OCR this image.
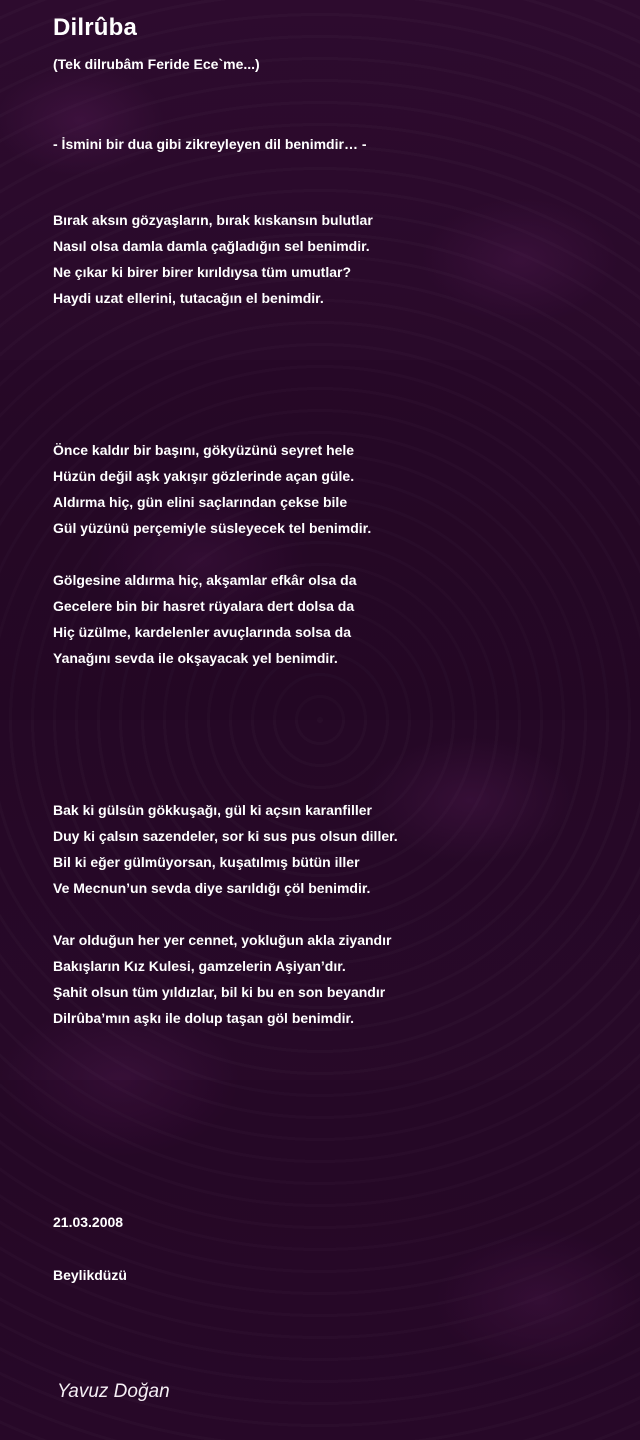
Dilrûba

(Tek dilrubâm Feride Ece`me...)

- İsmini bir dua gibi zikreyleyen dil benimdir… -

Bırak aksın gözyaşların, bırak kıskansın bulutlar
Nasıl olsa damla damla çağladığın sel benimdir.
Ne çıkar ki birer birer kırıldıysa tüm umutlar?
Haydi uzat ellerini, tutacağın el benimdir.
Önce kaldır bir başını, gökyüzünü seyret hele
Hüzün değil aşk yakışır gözlerinde açan güle.
Aldırma hiç, gün elini saçlarından çekse bile
Gül yüzünü perçemiyle süsleyecek tel benimdir.
Gölgesine aldırma hiç, akşamlar efkâr olsa da
Gecelere bin bir hasret rüyalara dert dolsa da
Hiç üzülme, kardelenler avuçlarında solsa da
Yanağını sevda ile okşayacak yel benimdir.
Bak ki gülsün gökkuşağı, gül ki açsın karanfiller
Duy ki çalsın sazendeler, sor ki sus pus olsun diller.
Bil ki eğer gülmüyorsan, kuşatılmış bütün iller
Ve Mecnun’un sevda diye sarıldığı çöl benimdir.
Var olduğun her yer cennet, yokluğun akla ziyandır
Bakışların Kız Kulesi, gamzelerin Aşiyan’dır.
Şahit olsun tüm yıldızlar, bil ki bu en son beyandır
Dilrûba’mın aşkı ile dolup taşan göl benimdir.

21.03.2008

Beylikdüzü

Yavuz Doğan
